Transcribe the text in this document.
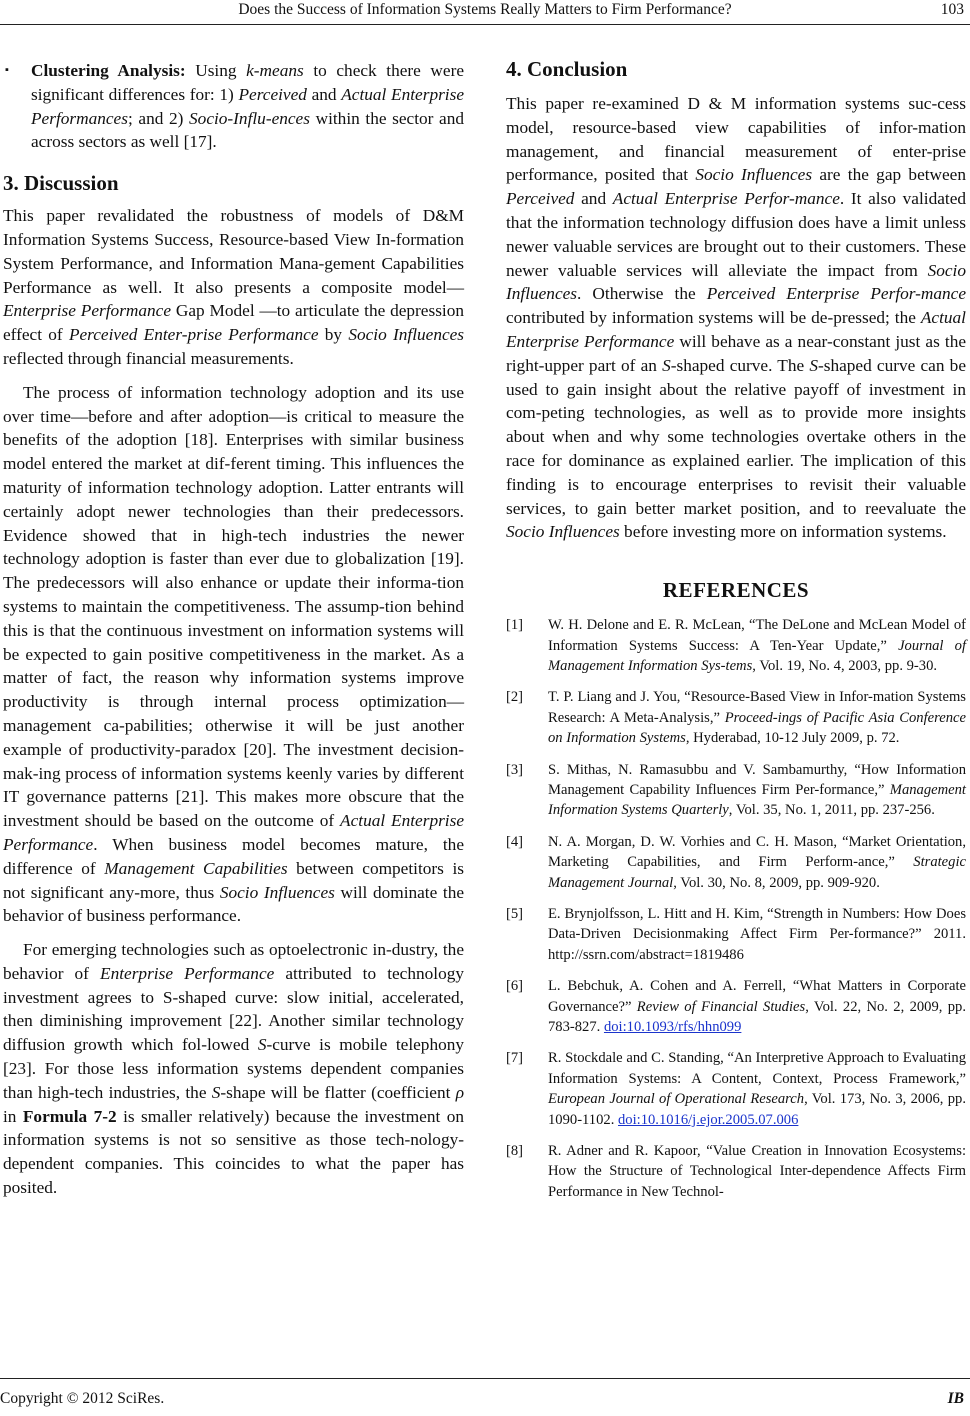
Does the Success of Information Systems Really Matters to Firm Performance?	103
▪ Clustering Analysis: Using k-means to check there were significant differences for: 1) Perceived and Actual Enterprise Performances; and 2) Socio-Influ-ences within the sector and across sectors as well [17].

3. Discussion

This paper revalidated the robustness of models of D&M Information Systems Success, Resource-based View In-formation System Performance, and Information Mana-gement Capabilities Performance as well. It also presents a composite model—Enterprise Performance Gap Model —to articulate the depression effect of Perceived Enter-prise Performance by Socio Influences reflected through financial measurements.

The process of information technology adoption and its use over time—before and after adoption—is critical to measure the benefits of the adoption [18]. Enterprises with similar business model entered the market at dif-ferent timing. This influences the maturity of information technology adoption. Latter entrants will certainly adopt newer technologies than their predecessors. Evidence showed that in high-tech industries the newer technology adoption is faster than ever due to globalization [19]. The predecessors will also enhance or update their informa-tion systems to maintain the competitiveness. The assump-tion behind this is that the continuous investment on information systems will be expected to gain positive competitiveness in the market. As a matter of fact, the reason why information systems improve productivity is through internal process optimization—management ca-pabilities; otherwise it will be just another example of productivity-paradox [20]. The investment decision-mak-ing process of information systems keenly varies by different IT governance patterns [21]. This makes more obscure that the investment should be based on the outcome of Actual Enterprise Performance. When business model becomes mature, the difference of Management Capabilities between competitors is not significant any-more, thus Socio Influences will dominate the behavior of business performance.

For emerging technologies such as optoelectronic in-dustry, the behavior of Enterprise Performance attributed to technology investment agrees to S-shaped curve: slow initial, accelerated, then diminishing improvement [22]. Another similar technology diffusion growth which fol-lowed S-curve is mobile telephony [23]. For those less information systems dependent companies than high-tech industries, the S-shape will be flatter (coefficient ρ in Formula 7-2 is smaller relatively) because the investment on information systems is not so sensitive as those tech-nology-dependent companies. This coincides to what the paper has posited.

4. Conclusion

This paper re-examined D & M information systems suc-cess model, resource-based view capabilities of infor-mation management, and financial measurement of enter-prise performance, posited that Socio Influences are the gap between Perceived and Actual Enterprise Perfor-mance. It also validated that the information technology diffusion does have a limit unless newer valuable services are brought out to their customers. These newer valuable services will alleviate the impact from Socio Influences. Otherwise the Perceived Enterprise Perfor-mance contributed by information systems will be de-pressed; the Actual Enterprise Performance will behave as a near-constant just as the right-upper part of an S-shaped curve. The S-shaped curve can be used to gain insight about the relative payoff of investment in com-peting technologies, as well as to provide more insights about when and why some technologies overtake others in the race for dominance as explained earlier. The implication of this finding is to encourage enterprises to revisit their valuable services, to gain better market position, and to reevaluate the Socio Influences before investing more on information systems.

REFERENCES
[1] W. H. Delone and E. R. McLean, “The DeLone and McLean Model of Information Systems Success: A Ten-Year Update,” Journal of Management Information Sys-tems, Vol. 19, No. 4, 2003, pp. 9-30.
[2] T. P. Liang and J. You, “Resource-Based View in Infor-mation Systems Research: A Meta-Analysis,” Proceed-ings of Pacific Asia Conference on Information Systems, Hyderabad, 10-12 July 2009, p. 72.
[3] S. Mithas, N. Ramasubbu and V. Sambamurthy, “How Information Management Capability Influences Firm Per-formance,” Management Information Systems Quarterly, Vol. 35, No. 1, 2011, pp. 237-256.
[4] N. A. Morgan, D. W. Vorhies and C. H. Mason, “Market Orientation, Marketing Capabilities, and Firm Perform-ance,” Strategic Management Journal, Vol. 30, No. 8, 2009, pp. 909-920.
[5] E. Brynjolfsson, L. Hitt and H. Kim, “Strength in Numbers: How Does Data-Driven Decisionmaking Affect Firm Per-formance?” 2011. http://ssrn.com/abstract=1819486
[6] L. Bebchuk, A. Cohen and A. Ferrell, “What Matters in Corporate Governance?” Review of Financial Studies, Vol. 22, No. 2, 2009, pp. 783-827. doi:10.1093/rfs/hhn099
[7] R. Stockdale and C. Standing, “An Interpretive Approach to Evaluating Information Systems: A Content, Context, Process Framework,” European Journal of Operational Research, Vol. 173, No. 3, 2006, pp. 1090-1102. doi:10.1016/j.ejor.2005.07.006
[8] R. Adner and R. Kapoor, “Value Creation in Innovation Ecosystems: How the Structure of Technological Inter-dependence Affects Firm Performance in New Technol-
Copyright © 2012 SciRes.	IB
